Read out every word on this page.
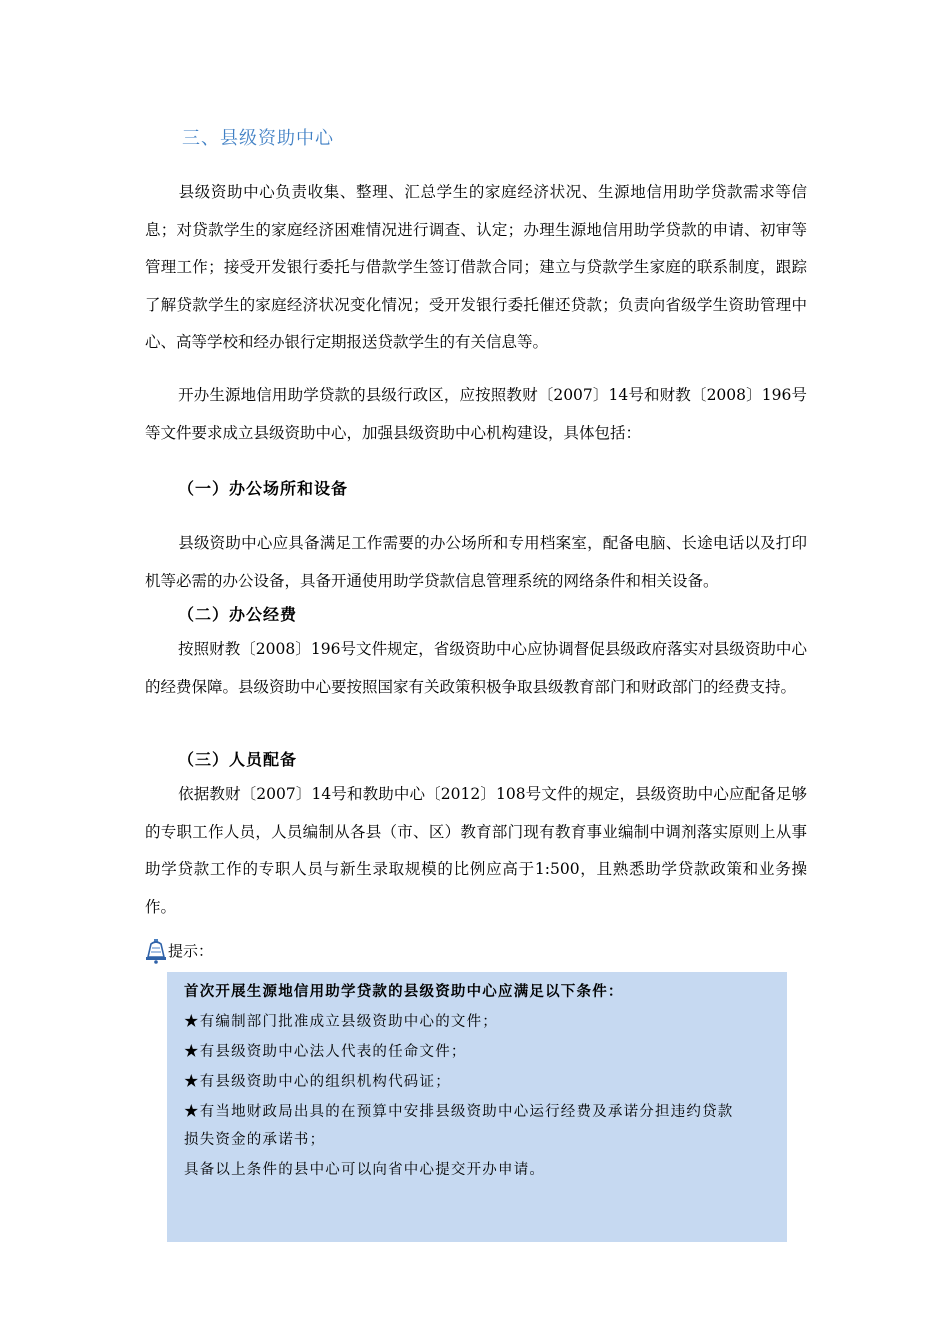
三、县级资助中心
县级资助中心负责收集、整理、汇总学生的家庭经济状况、生源地信用助学贷款需求等信息；对贷款学生的家庭经济困难情况进行调查、认定；办理生源地信用助学贷款的申请、初审等管理工作；接受开发银行委托与借款学生签订借款合同；建立与贷款学生家庭的联系制度，跟踪了解贷款学生的家庭经济状况变化情况；受开发银行委托催还贷款；负责向省级学生资助管理中心、高等学校和经办银行定期报送贷款学生的有关信息等。
开办生源地信用助学贷款的县级行政区，应按照教财〔2007〕14号和财教〔2008〕196号等文件要求成立县级资助中心，加强县级资助中心机构建设，具体包括：
（一）办公场所和设备
县级资助中心应具备满足工作需要的办公场所和专用档案室，配备电脑、长途电话以及打印机等必需的办公设备，具备开通使用助学贷款信息管理系统的网络条件和相关设备。
（二）办公经费
按照财教〔2008〕196号文件规定，省级资助中心应协调督促县级政府落实对县级资助中心的经费保障。县级资助中心要按照国家有关政策积极争取县级教育部门和财政部门的经费支持。
（三）人员配备
依据教财〔2007〕14号和教助中心〔2012〕108号文件的规定，县级资助中心应配备足够的专职工作人员，人员编制从各县（市、区）教育部门现有教育事业编制中调剂落实原则上从事助学贷款工作的专职人员与新生录取规模的比例应高于1:500，且熟悉助学贷款政策和业务操作。
提示：
首次开展生源地信用助学贷款的县级资助中心应满足以下条件：
★有编制部门批准成立县级资助中心的文件；
★有县级资助中心法人代表的任命文件；
★有县级资助中心的组织机构代码证；
★有当地财政局出具的在预算中安排县级资助中心运行经费及承诺分担违约贷款
损失资金的承诺书；
具备以上条件的县中心可以向省中心提交开办申请。
